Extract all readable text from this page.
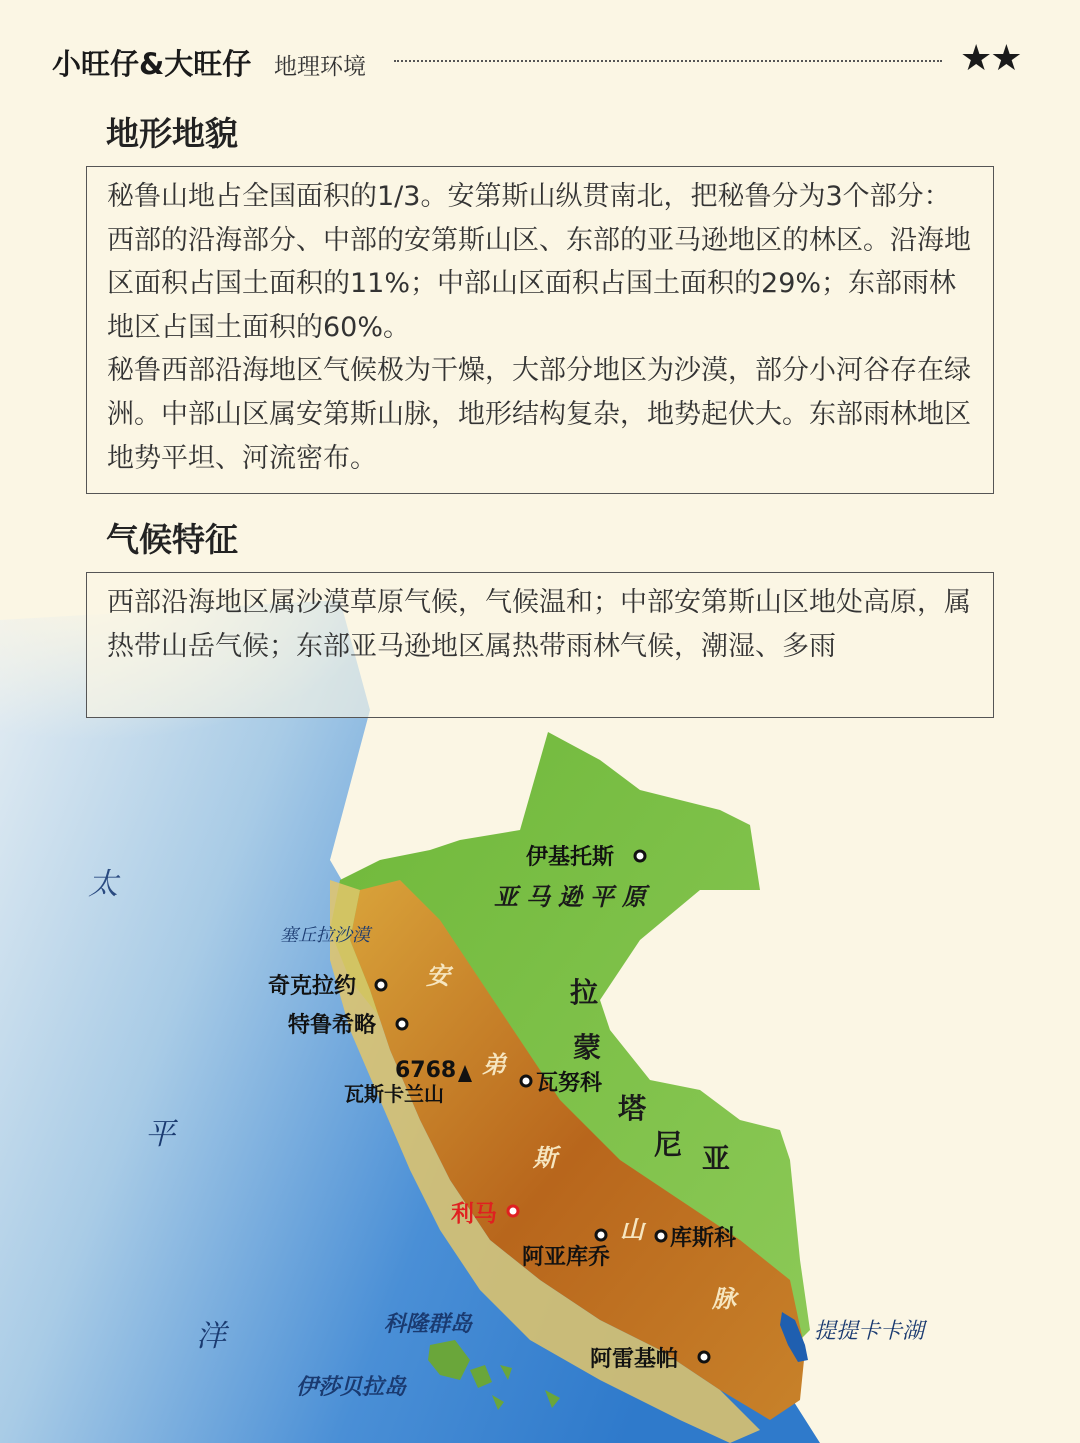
小旺仔&大旺仔 地理环境	★★
地形地貌

秘鲁山地占全国面积的1/3。安第斯山纵贯南北，把秘鲁分为3个部分：西部的沿海部分、中部的安第斯山区、东部的亚马逊地区的林区。沿海地区面积占国土面积的11%；中部山区面积占国土面积的29%；东部雨林地区占国土面积的60%。

秘鲁西部沿海地区气候极为干燥，大部分地区为沙漠，部分小河谷存在绿洲。中部山区属安第斯山脉，地形结构复杂，地势起伏大。东部雨林地区地势平坦、河流密布。

气候特征
太
平
洋
亚马逊平原
拉
蒙
塔
尼 亚
安
弟
斯
山
脉
塞丘拉沙漠
提提卡卡湖
科隆群岛
伊莎贝拉岛
6768
瓦斯卡兰山
伊基托斯
奇克拉约
特鲁希略
瓦努科
利马
阿亚库乔
库斯科
阿雷基帕

西部沿海地区属沙漠草原气候，气候温和；中部安第斯山区地处高原，属热带山岳气候；东部亚马逊地区属热带雨林气候，潮湿、多雨
